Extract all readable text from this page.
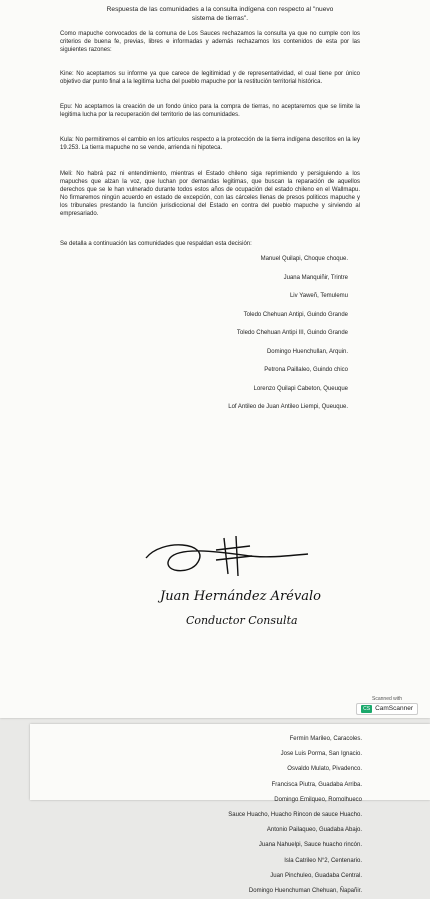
Respuesta de las comunidades a la consulta indígena con respecto al "nuevo
sistema de tierras".
Como mapuche convocados de la comuna de Los Sauces rechazamos la consulta ya que no cumple con los criterios de buena fe, previas, libres e informadas y además rechazamos los contenidos de esta por las siguientes razones:
Kine: No aceptamos su informe ya que carece de legitimidad y de representatividad, el cual tiene por único objetivo dar punto final a la legitima lucha del pueblo mapuche por la restitución territorial histórica.
Epu: No aceptamos la creación de un fondo único para la compra de tierras, no aceptaremos que se limite la legitima lucha por la recuperación del territorio de las comunidades.
Kula: No permitiremos el cambio en los artículos respecto a la protección de la tierra indígena descritos en la ley 19.253. La tierra mapuche no se vende, arrienda ni hipoteca.
Meli: No habrá paz ni entendimiento, mientras el Estado chileno siga reprimiendo y persiguiendo a los mapuches que alzan la voz, que luchan por demandas legitimas, que buscan la reparación de aquellos derechos que se le han vulnerado durante todos estos años de ocupación del estado chileno en el Wallmapu. No firmaremos ningún acuerdo en estado de excepción, con las cárceles llenas de presos politicos mapuche y los tribunales prestando la función jurisdiccional del Estado en contra del pueblo mapuche y sirviendo al empresariado.
Se detalla a continuación las comunidades que respaldan esta decisión:
Manuel Quilapi, Choque choque.
Juana Manquiñir, Trintre
Liv Yaweñ, Temulemu
Toledo Chehuan Antipi, Guindo Grande
Toledo Chehuan Antipi III, Guindo Grande
Domingo Huenchullan, Arquin.
Petrona Paillaleo, Guindo chico
Lorenzo Quilapi Cabeton, Queuque
Lof Antileo de Juan Antileo Liempi, Queuque.
Juan Hernández Arévalo
Conductor Consulta
Scanned with
CS CamScanner
Fermín Marileo, Caracoles.
Jose Luis Porma, San Ignacio.
Osvaldo Mulato, Pivadenco.
Francisca Piutra, Guadaba Arriba.
Domingo Emilqueo, Romolhueco
Sauce Huacho, Huacho Rincon de sauce Huacho.
Antonio Pailaqueo, Guadaba Abajo.
Juana Nahuelpi, Sauce huacho rincón.
Isla Catrileo N°2, Centenario.
Juan Pinchuleo, Guadaba Central.
Domingo Huenchuman Chehuan, Ñapañir.
